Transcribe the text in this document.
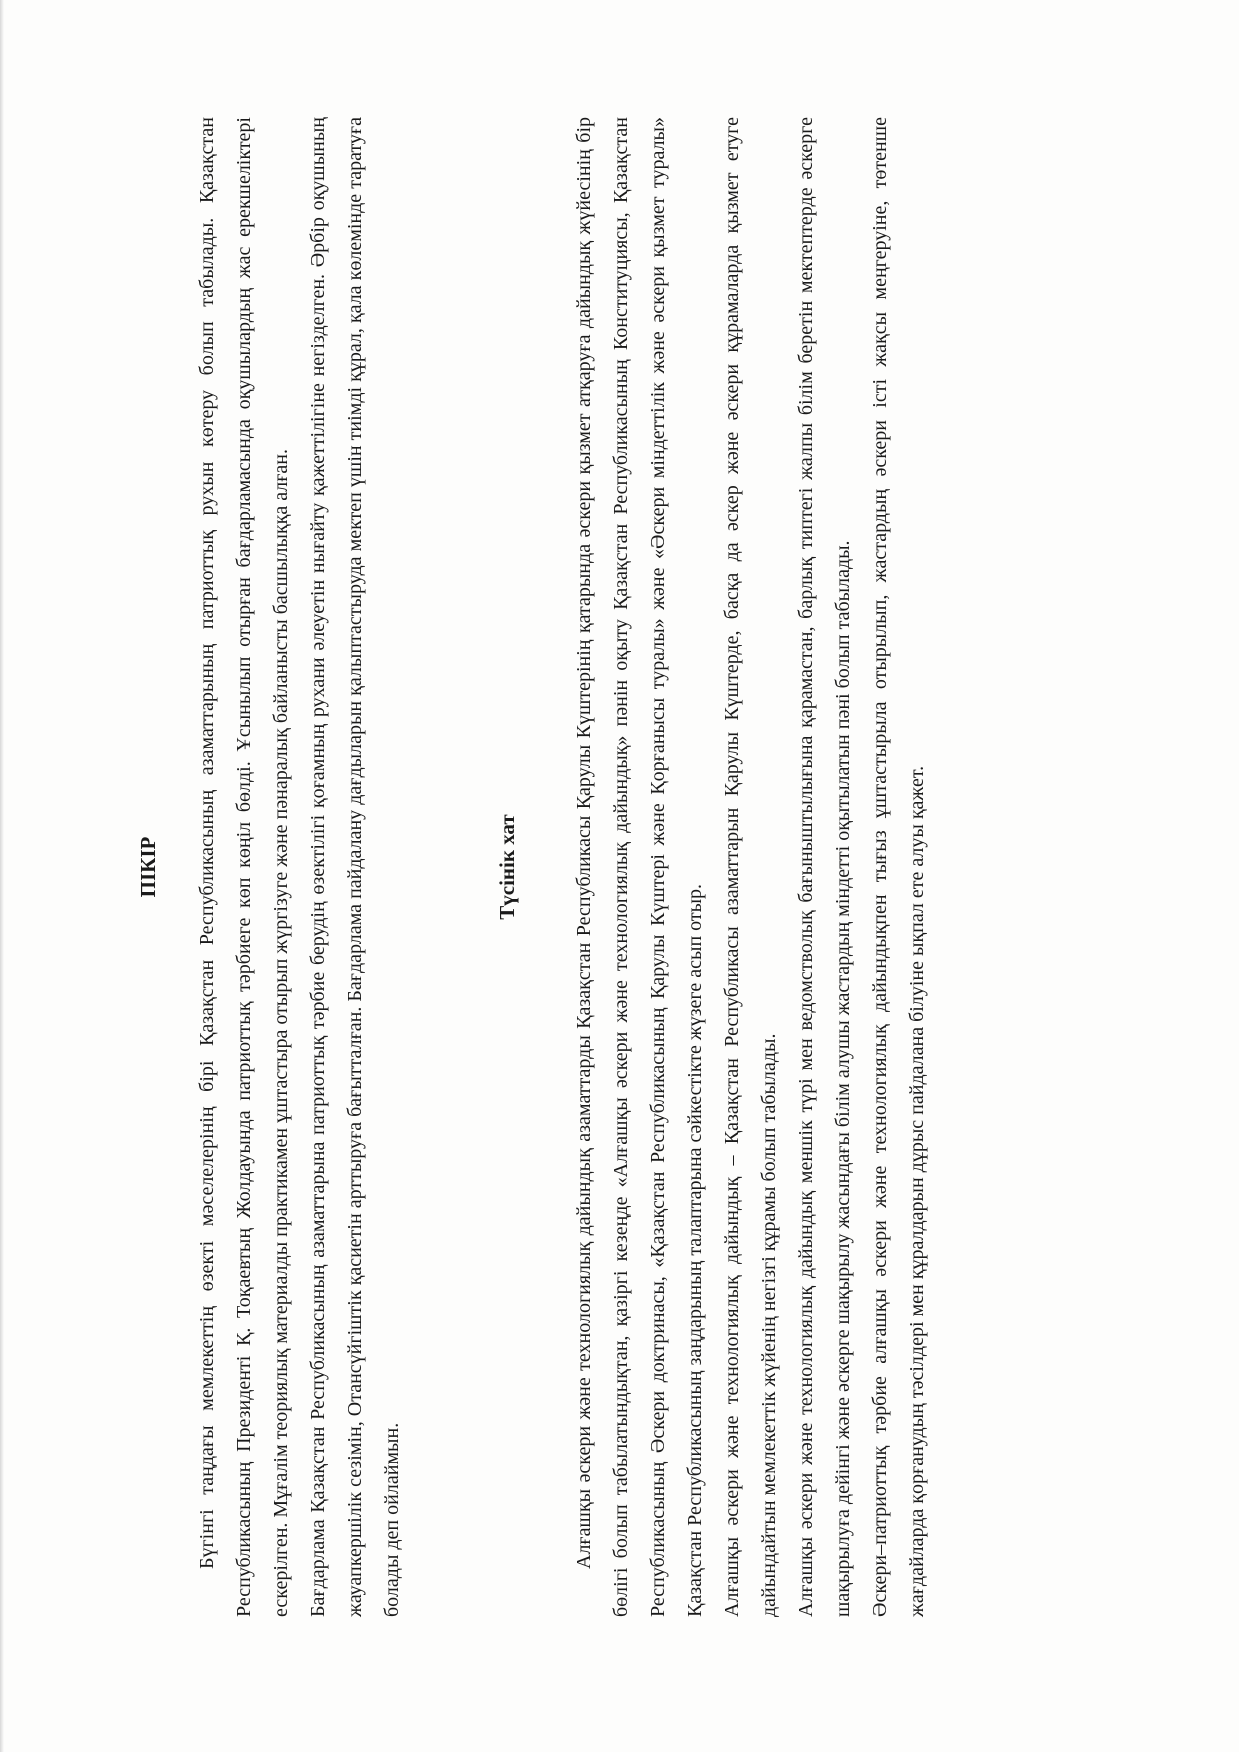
ПІКІР	Бүгінгі таңдағы мемлекеттің өзекті мәселелерінің бірі Қазақстан Республикасының азаматтарының патриоттық рухын көтеру болып табылады. Қазақстан Республикасының Президенті Қ. Тоқаевтың Жолдауында патриоттық тәрбиеге көп көңіл бөлді. Ұсынылып отырған бағдарламасында оқушылардың жас ерекшеліктері ескерілген. Мұғалім теориялық материалды практикамен ұштастыра отырып жүргізуге және пәнаралық байланысты басшылыққа алған. Бағдарлама Қазақстан Республикасының азаматтарына патриоттық тәрбие берудің өзектілігі қоғамның рухани әлеуетін нығайту қажеттілігіне негізделген. Әрбір оқушының жауапкершілік сезімін, Отансүйгіштік қасиетін арттыруға бағытталған. Бағдарлама пайдалану дағдыларын қалыптастыруда мектеп үшін тиімді құрал, қала көлемінде таратуға болады деп ойлаймын.

Түсінік хат	Алғашқы әскери және технологиялық дайындық азаматтарды Қазақстан Республикасы Қарулы Күштерінің қатарында әскери қызмет атқаруға дайындық жүйесінің бір бөлігі болып табылатындықтан, қазіргі кезеңде «Алғашқы әскери және технологиялық дайындық» пәнін оқыту Қазақстан Республикасының Конституциясы, Қазақстан Республикасының Әскери доктринасы, «Қазақстан Республикасының Қарулы Күштері және Қорғанысы туралы» және «Әскери міндеттілік және әскери қызмет туралы» Қазақстан Республикасының заңдарының талаптарына сәйкестікте жүзеге асып отыр. Алғашқы әскери және технологиялық дайындық – Қазақстан Республикасы азаматтарын Қарулы Күштерде, басқа да әскер және әскери құрамаларда қызмет етуге дайындайтын мемлекеттік жүйенің негізгі құрамы болып табылады. Алғашқы әскери және технологиялық дайындық меншік түрі мен ведомстволық бағыныштылығына қарамастан, барлық типтегі жалпы білім беретін мектептерде әскерге шақырылуға дейінгі және әскерге шақырылу жасындағы білім алушы жастардың міндетті оқытылатын пәні болып табылады. Әскери–патриоттық тәрбие алғашқы әскери және технологиялық дайындықпен тығыз ұштастырыла отырылып, жастардың әскери істі жақсы меңгеруіне, төтенше жағдайларда қорғанудың тәсілдері мен құралдарын дұрыс пайдалана білуіне ықпал ете алуы қажет.
